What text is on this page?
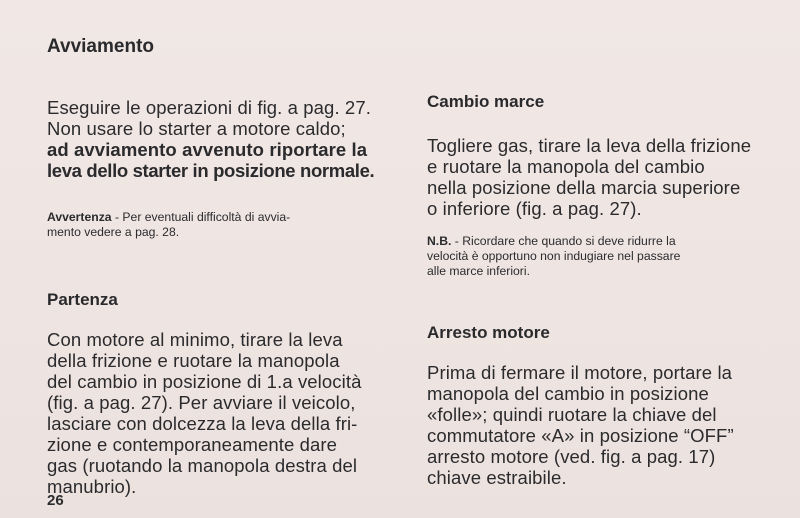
Avviamento
Eseguire le operazioni di fig. a pag. 27.
Non usare lo starter a motore caldo;
ad avviamento avvenuto riportare la
leva dello starter in posizione normale.
Avvertenza - Per eventuali difficoltà di avvia-
mento vedere a pag. 28.
Partenza
Con motore al minimo, tirare la leva
della frizione e ruotare la manopola
del cambio in posizione di 1.a velocità
(fig. a pag. 27). Per avviare il veicolo,
lasciare con dolcezza la leva della fri-
zione e contemporaneamente dare
gas (ruotando la manopola destra del
manubrio).
26
Cambio marce
Togliere gas, tirare la leva della frizione
e ruotare la manopola del cambio
nella posizione della marcia superiore
o inferiore (fig. a pag. 27).
N.B. - Ricordare che quando si deve ridurre la
velocità è opportuno non indugiare nel passare
alle marce inferiori.
Arresto motore
Prima di fermare il motore, portare la
manopola del cambio in posizione
«folle»; quindi ruotare la chiave del
commutatore «A» in posizione “OFF”
arresto motore (ved. fig. a pag. 17)
chiave estraibile.
